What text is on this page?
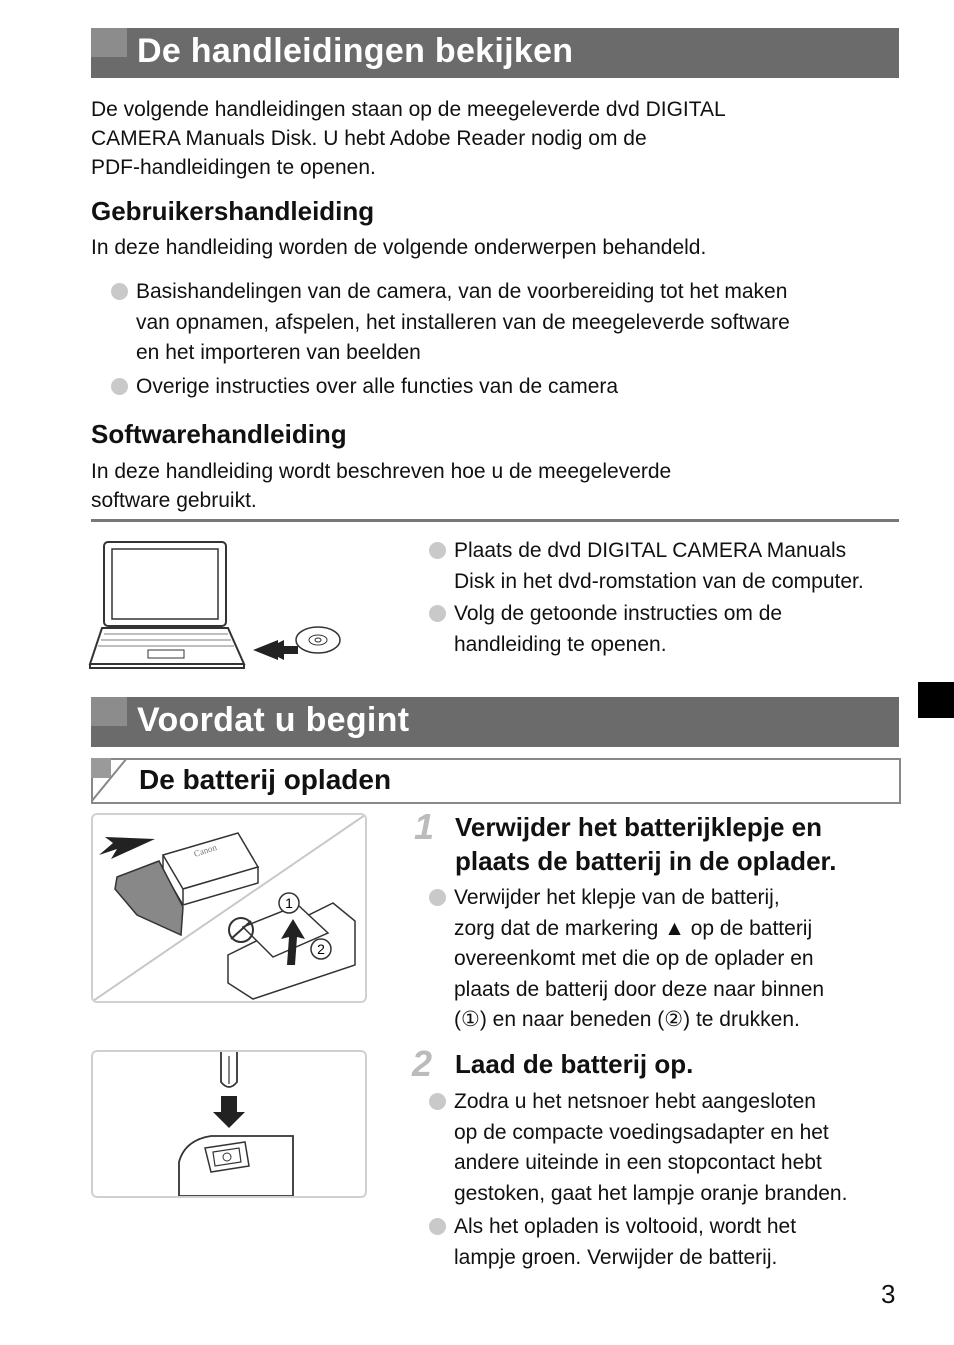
De handleidingen bekijken
De volgende handleidingen staan op de meegeleverde dvd DIGITAL
CAMERA Manuals Disk. U hebt Adobe Reader nodig om de
PDF-handleidingen te openen.
Gebruikershandleiding
In deze handleiding worden de volgende onderwerpen behandeld.
Basishandelingen van de camera, van de voorbereiding tot het maken
van opnamen, afspelen, het installeren van de meegeleverde software
en het importeren van beelden
Overige instructies over alle functies van de camera
Softwarehandleiding
In deze handleiding wordt beschreven hoe u de meegeleverde
software gebruikt.
Plaats de dvd DIGITAL CAMERA Manuals
Disk in het dvd-romstation van de computer.
Volg de getoonde instructies om de
handleiding te openen.
Voordat u begint
De batterij opladen
Canon
1
2
1 Verwijder het batterijklepje en
plaats de batterij in de oplader.
Verwijder het klepje van de batterij,
zorg dat de markering ▲ op de batterij
overeenkomt met die op de oplader en
plaats de batterij door deze naar binnen
(①) en naar beneden (②) te drukken.
2 Laad de batterij op.
Zodra u het netsnoer hebt aangesloten
op de compacte voedingsadapter en het
andere uiteinde in een stopcontact hebt
gestoken, gaat het lampje oranje branden.
Als het opladen is voltooid, wordt het
lampje groen. Verwijder de batterij.
3
